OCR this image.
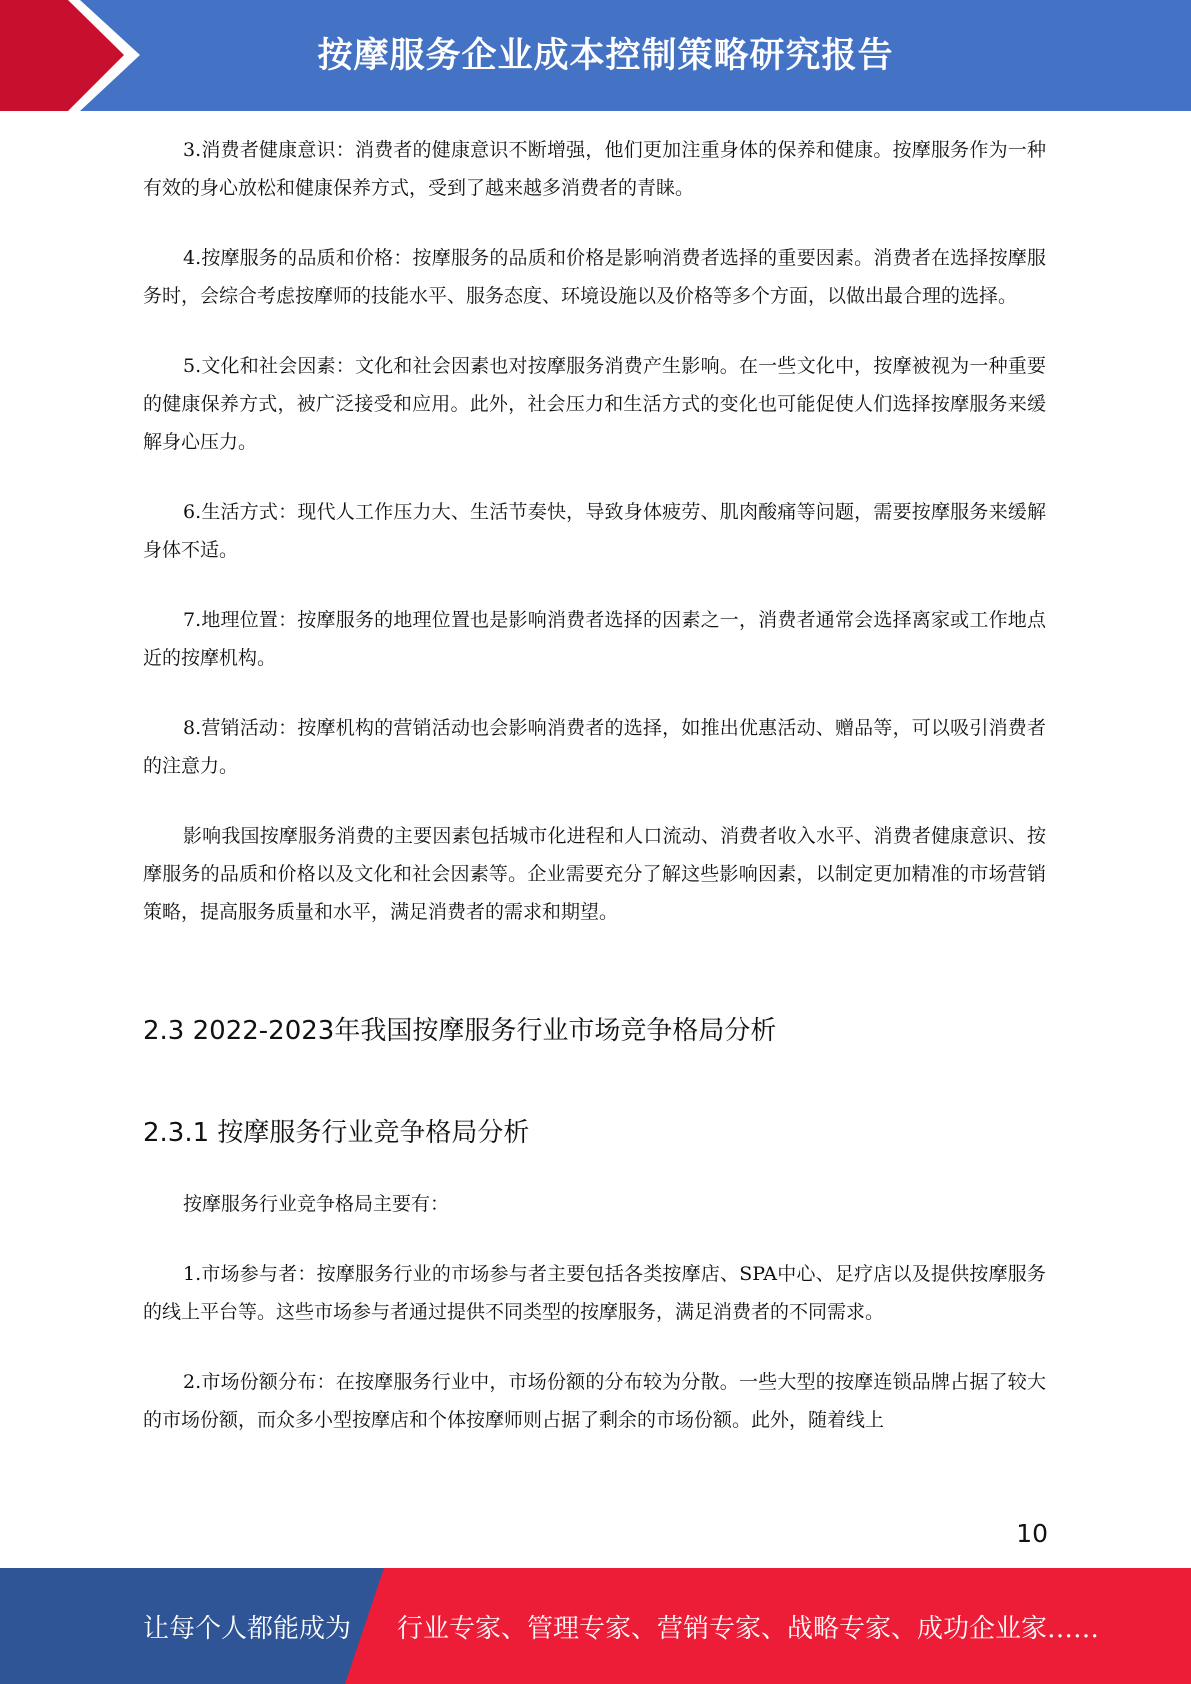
按摩服务企业成本控制策略研究报告

3.消费者健康意识：消费者的健康意识不断增强，他们更加注重身体的保养和健康。按摩服务作为一种有效的身心放松和健康保养方式，受到了越来越多消费者的青睐。

4.按摩服务的品质和价格：按摩服务的品质和价格是影响消费者选择的重要因素。消费者在选择按摩服务时，会综合考虑按摩师的技能水平、服务态度、环境设施以及价格等多个方面，以做出最合理的选择。

5.文化和社会因素：文化和社会因素也对按摩服务消费产生影响。在一些文化中，按摩被视为一种重要的健康保养方式，被广泛接受和应用。此外，社会压力和生活方式的变化也可能促使人们选择按摩服务来缓解身心压力。

6.生活方式：现代人工作压力大、生活节奏快，导致身体疲劳、肌肉酸痛等问题，需要按摩服务来缓解身体不适。

7.地理位置：按摩服务的地理位置也是影响消费者选择的因素之一，消费者通常会选择离家或工作地点近的按摩机构。

8.营销活动：按摩机构的营销活动也会影响消费者的选择，如推出优惠活动、赠品等，可以吸引消费者的注意力。

影响我国按摩服务消费的主要因素包括城市化进程和人口流动、消费者收入水平、消费者健康意识、按摩服务的品质和价格以及文化和社会因素等。企业需要充分了解这些影响因素，以制定更加精准的市场营销策略，提高服务质量和水平，满足消费者的需求和期望。

2.3 2022-2023年我国按摩服务行业市场竞争格局分析
2.3.1 按摩服务行业竞争格局分析

按摩服务行业竞争格局主要有：

1.市场参与者：按摩服务行业的市场参与者主要包括各类按摩店、SPA中心、足疗店以及提供按摩服务的线上平台等。这些市场参与者通过提供不同类型的按摩服务，满足消费者的不同需求。

2.市场份额分布：在按摩服务行业中，市场份额的分布较为分散。一些大型的按摩连锁品牌占据了较大的市场份额，而众多小型按摩店和个体按摩师则占据了剩余的市场份额。此外，随着线上

10
让每个人都能成为 行业专家、管理专家、营销专家、战略专家、成功企业家……
